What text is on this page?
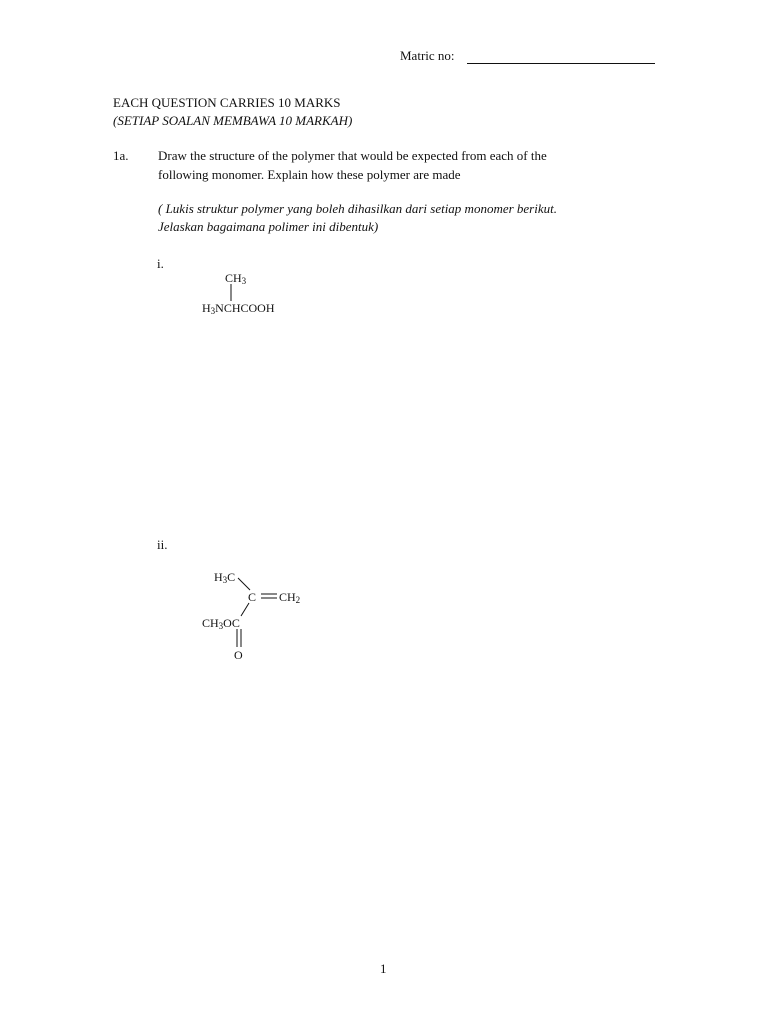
Matric no:
EACH QUESTION CARRIES 10 MARKS
(SETIAP SOALAN MEMBAWA 10 MARKAH)
1a. Draw the structure of the polymer that would be expected from each of the
following monomer. Explain how these polymer are made
( Lukis struktur polymer yang boleh dihasilkan dari setiap monomer berikut.
Jelaskan bagaimana polimer ini dibentuk)
i.
$CH_3$
$H_3NCHCOOH$
ii.
$H_3C$
C $CH_2$
$CH_3OC$
O
1
